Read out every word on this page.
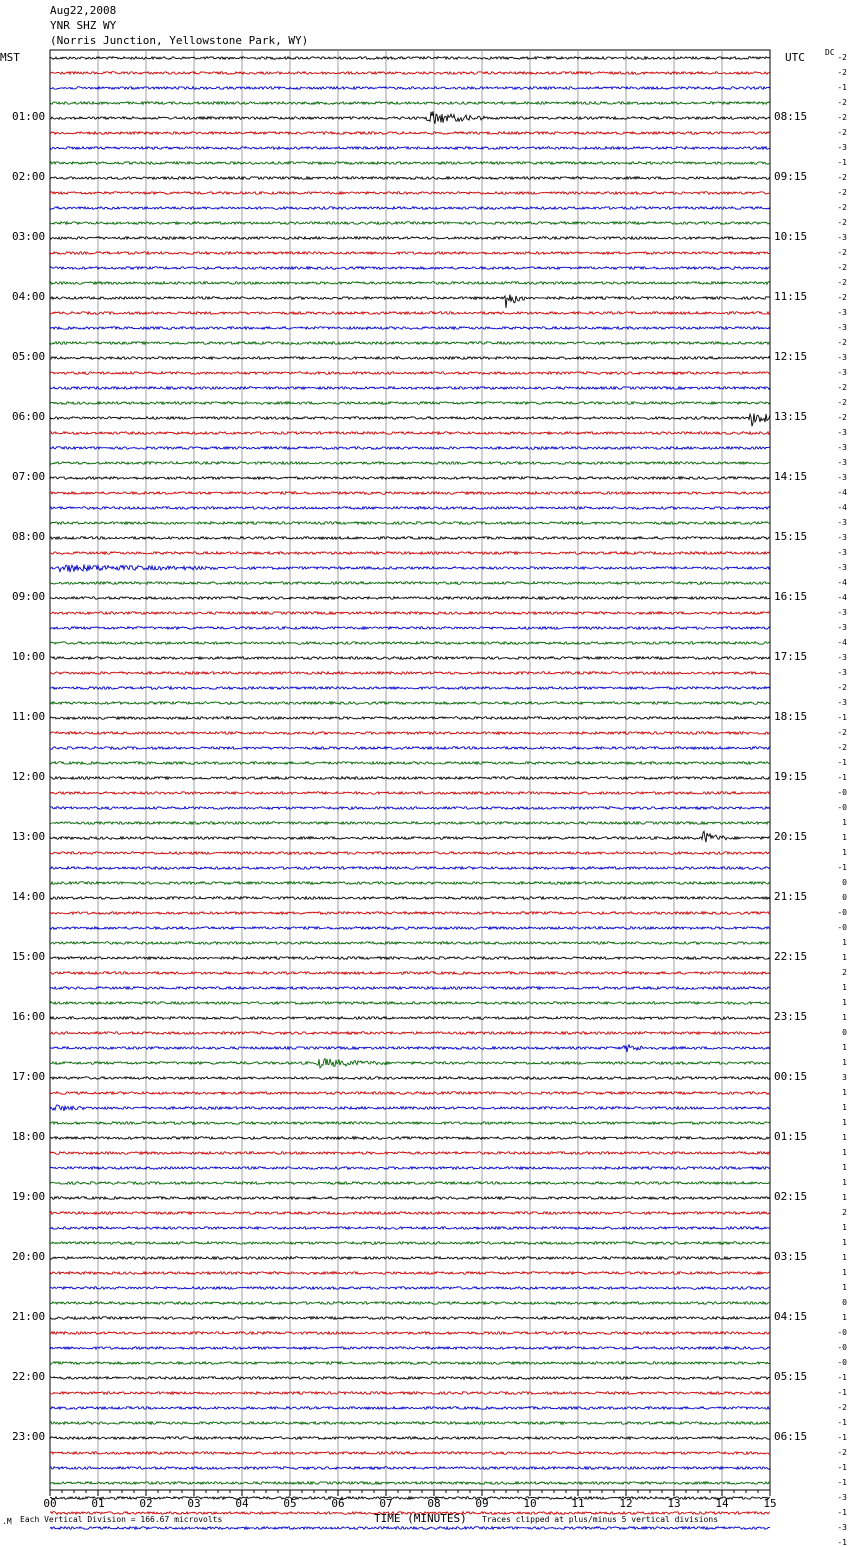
00	01	02	03	04	05	06	07	08	09	10	11	12	13	14	15
Aug22,2008
YNR SHZ WY
(Norris Junction, Yellowstone Park, WY)
MST	UTC	DC
01:00
02:00
03:00
04:00
05:00
06:00
07:00
08:00
09:00
10:00
11:00
12:00
13:00
14:00
15:00
16:00
17:00
18:00
19:00
20:00
21:00
22:00
23:00
08:15
09:15
10:15
11:15
12:15
13:15
14:15
15:15
16:15
17:15
18:15
19:15
20:15
21:15
22:15
23:15
00:15
01:15
02:15
03:15
04:15
05:15
06:15
-2
-2
-1
-2
-2
-2
-3
-1
-2
-2
-2
-2
-3
-2
-2
-2
-2
-3
-3
-2
-3
-3
-2
-2
-2
-3
-3
-3
-3
-4
-4
-3
-3
-3
-3
-4
-4
-3
-3
-4
-3
-3
-2
-3
-1
-2
-2
-1
-1
-0
-0
1
1
1
-1
0
0
-0
-0
1
1
2
1
1
1
0
1
1
3
1
1
1
1
1
1
1
1
2
1
1
1
1
1
0
1
-0
-0
-0
-1
-1
-2
-1
-1
-2
-1
-1
-3
-1
-3
-1
.M Each Vertical Division = 166.67 microvolts	TIME (MINUTES) Traces clipped at plus/minus 5 vertical divisions
